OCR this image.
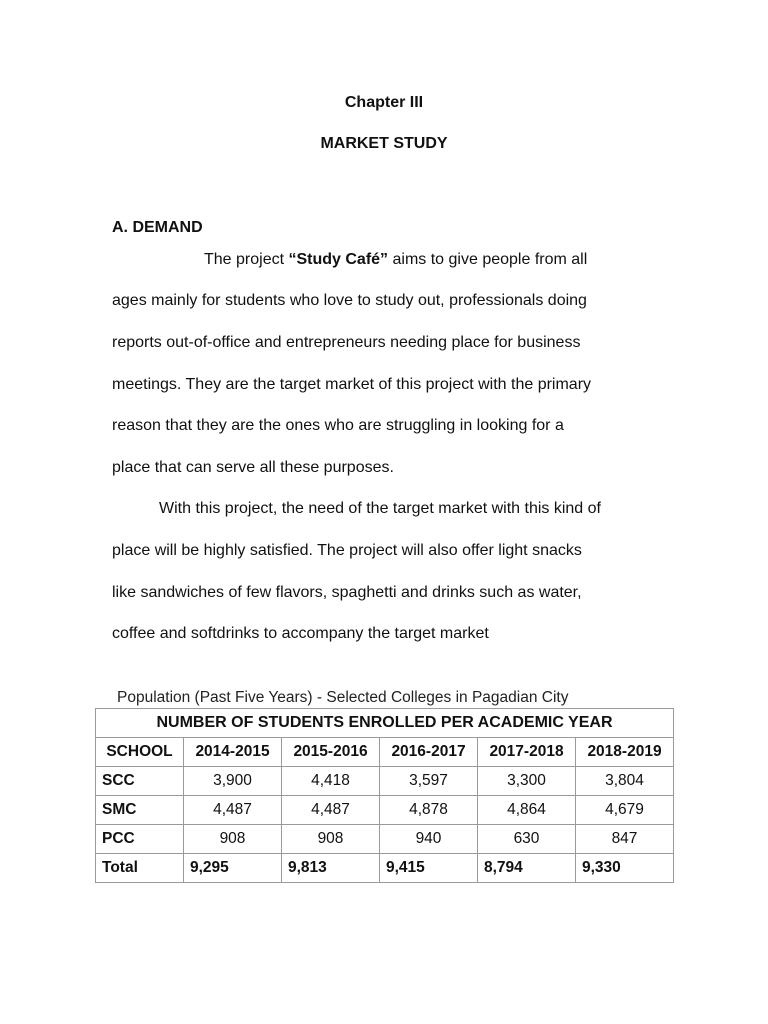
Chapter III
MARKET STUDY
A. DEMAND
The project “Study Café” aims to give people from all
ages mainly for students who love to study out, professionals doing
reports out-of-office and entrepreneurs needing place for business
meetings. They are the target market of this project with the primary
reason that they are the ones who are struggling in looking for a
place that can serve all these purposes.
With this project, the need of the target market with this kind of
place will be highly satisfied. The project will also offer light snacks
like sandwiches of few flavors, spaghetti and drinks such as water,
coffee and softdrinks to accompany the target market
Population (Past Five Years) - Selected Colleges in Pagadian City
NUMBER OF STUDENTS ENROLLED PER ACADEMIC YEAR					
SCHOOL	2014-2015	2015-2016	2016-2017	2017-2018	2018-2019
SCC	3,900	4,418	3,597	3,300	3,804
SMC	4,487	4,487	4,878	4,864	4,679
PCC	908	908	940	630	847
Total	9,295	9,813	9,415	8,794	9,330
